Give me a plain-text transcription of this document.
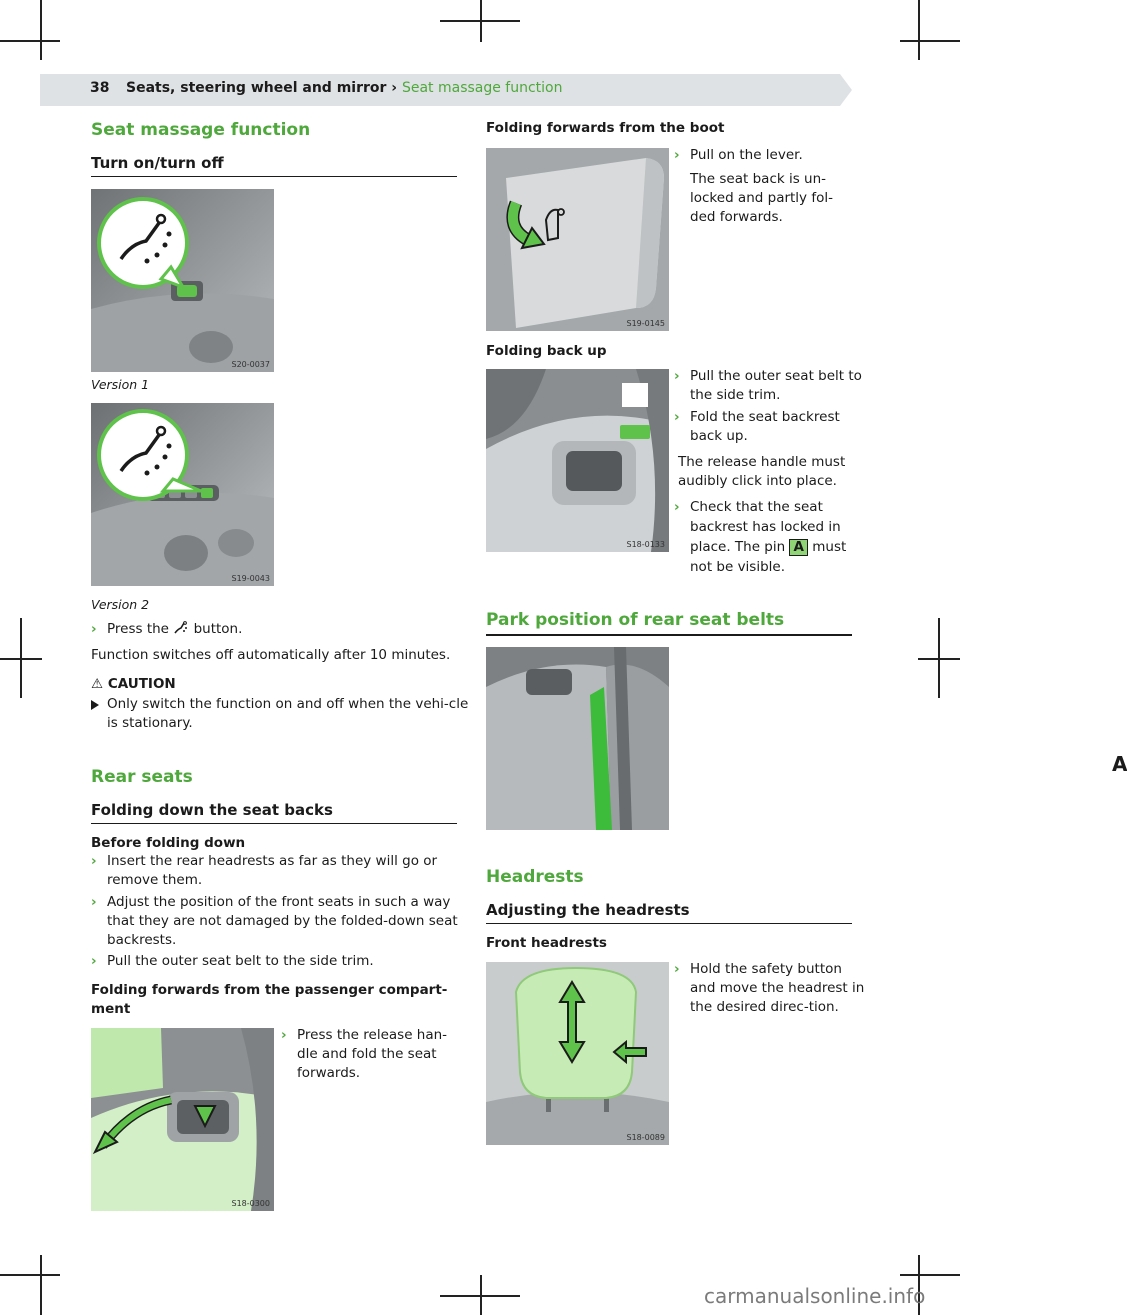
38 Seats, steering wheel and mirror › Seat massage function
Seat massage function
Turn on/turn off
S20-0037
Version 1
S19-0043
Version 2
› Press the button.
Function switches off automatically after 10 minutes.
⚠ CAUTION
Only switch the function on and off when the vehi-cle is stationary.
Rear seats
Folding down the seat backs
Before folding down
› Insert the rear headrests as far as they will go or remove them.
› Adjust the position of the front seats in such a way that they are not damaged by the folded-down seat backrests.
› Pull the outer seat belt to the side trim.
Folding forwards from the passenger compart-ment
S18-0300
› Press the release han-dle and fold the seat forwards.
Folding forwards from the boot
S19-0145
› Pull on the lever.
The seat back is un-locked and partly fol-ded forwards.
Folding back up
A
S18-0133
› Pull the outer seat belt to the side trim.
› Fold the seat backrest back up.
The release handle must audibly click into place.
› Check that the seat backrest has locked in place. The pin A must not be visible.
Park position of rear seat belts
Headrests
Adjusting the headrests
Front headrests
S18-0089
› Hold the safety button and move the headrest in the desired direc-tion.
carmanualsonline.info
